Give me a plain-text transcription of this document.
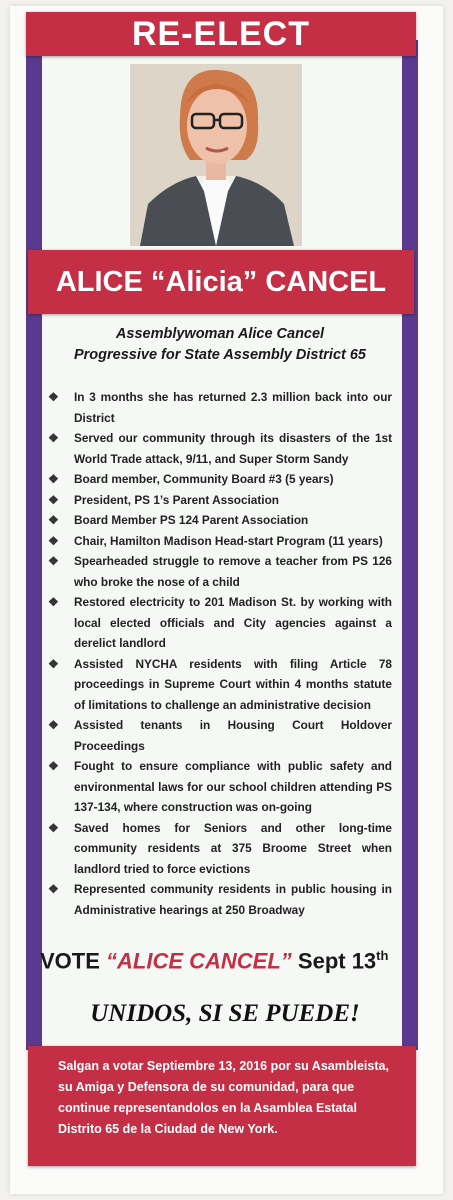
RE-ELECT
ALICE “Alicia” CANCEL
Assemblywoman Alice Cancel
Progressive for State Assembly District 65
❖ In 3 months she has returned 2.3 million back into our District
❖ Served our community through its disasters of the 1st World Trade attack, 9/11, and Super Storm Sandy
❖ Board member, Community Board #3 (5 years)
❖ President, PS 1’s Parent Association
❖ Board Member PS 124 Parent Association
❖ Chair, Hamilton Madison Head-start Program (11 years)
❖ Spearheaded struggle to remove a teacher from PS 126 who broke the nose of a child
❖ Restored electricity to 201 Madison St. by working with local elected officials and City agencies against a derelict landlord
❖ Assisted NYCHA residents with filing Article 78 proceedings in Supreme Court within 4 months statute of limitations to challenge an administrative decision
❖ Assisted tenants in Housing Court Holdover Proceedings
❖ Fought to ensure compliance with public safety and environmental laws for our school children attending PS 137-134, where construction was on-going
❖ Saved homes for Seniors and other long-time community residents at 375 Broome Street when landlord tried to force evictions
❖ Represented community residents in public housing in Administrative hearings at 250 Broadway
VOTE “ALICE CANCEL” Sept 13th
UNIDOS, SI SE PUEDE!
Salgan a votar Septiembre 13, 2016 por su Asambleista, su Amiga y Defensora de su comunidad, para que continue representandolos en la Asamblea Estatal Distrito 65 de la Ciudad de New York.
